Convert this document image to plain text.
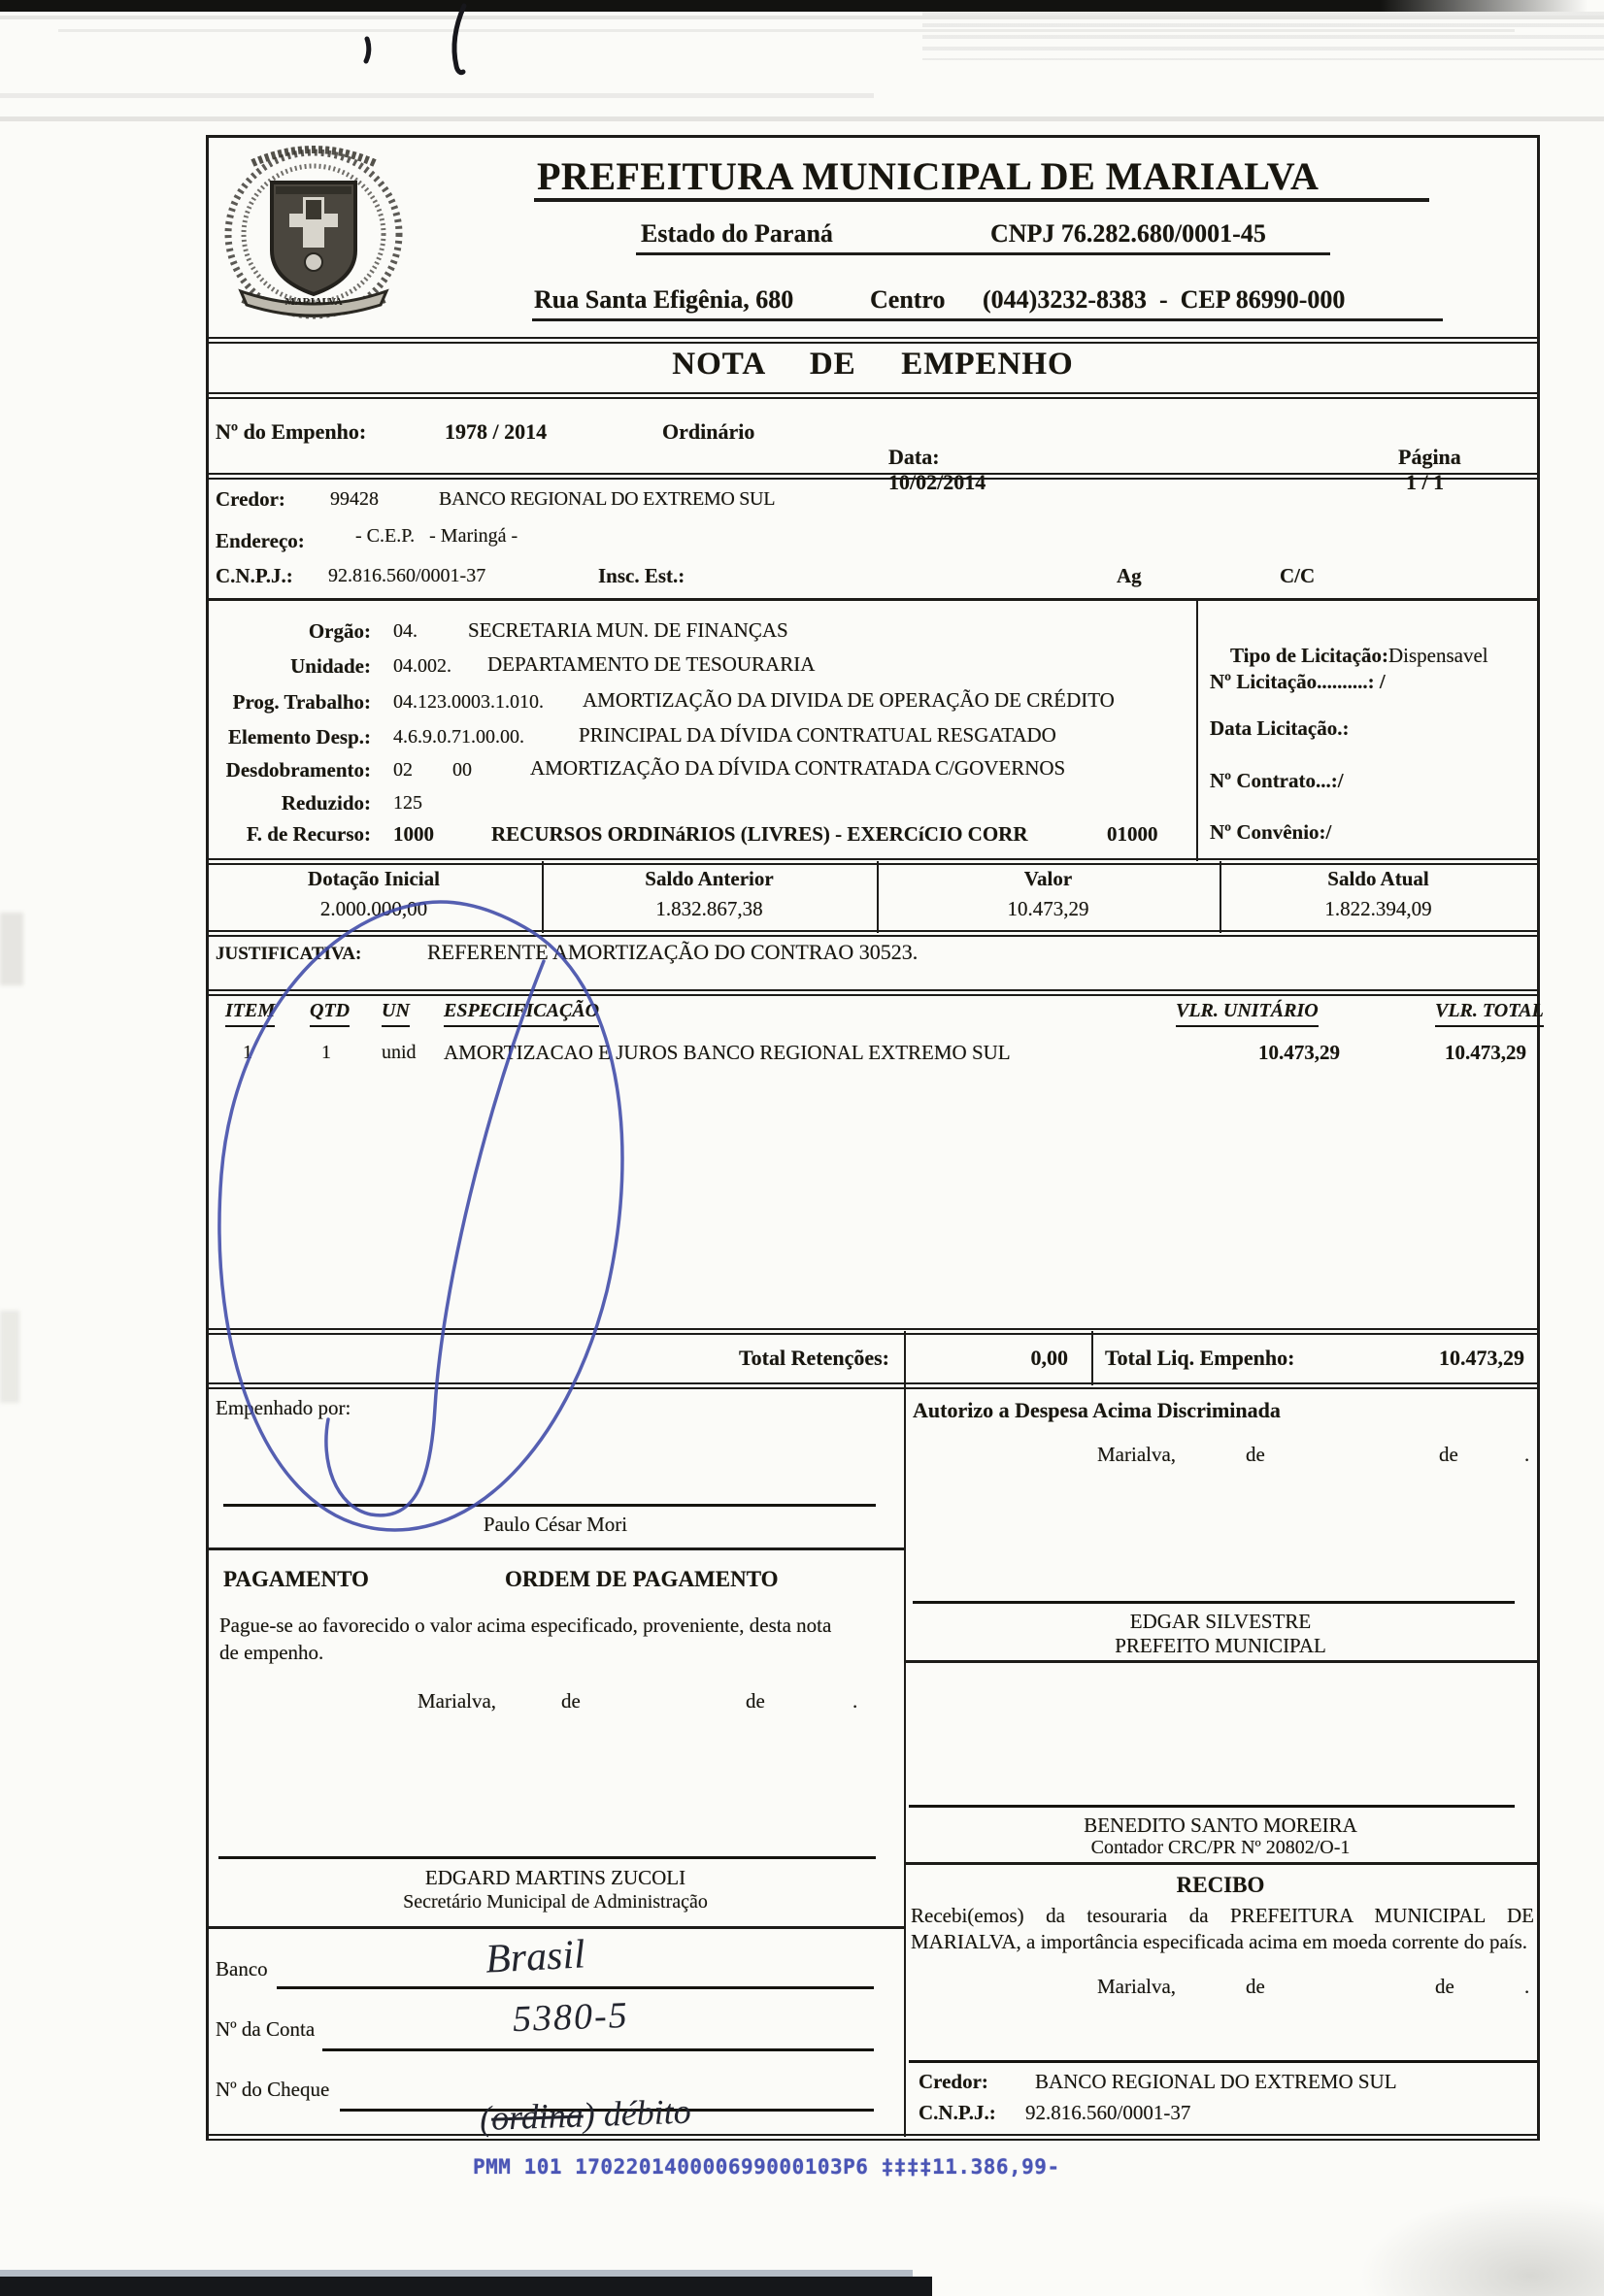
MARIALVA
PREFEITURA MUNICIPAL DE MARIALVA
Estado do Paraná	CNPJ 76.282.680/0001-45
Rua Santa Efigênia, 680	Centro (044)3232-8383  -  CEP 86990-000
NOTA  DE  EMPENHO
Nº do Empenho:	1978 / 2014	Ordinário

Data:
10/02/2014

Página
1 / 1

Credor: 99428	BANCO REGIONAL DO EXTREMO SUL
Endereço:	- C.E.P.   - Maringá -
C.N.P.J.: 92.816.560/0001-37	Insc. Est.:	Ag	C/C
Orgão: 04. SECRETARIA MUN. DE FINANÇAS
Unidade: 04.002. DEPARTAMENTO DE TESOURARIA
Prog. Trabalho: 04.123.0003.1.010. AMORTIZAÇÃO DA DIVIDA DE OPERAÇÃO DE CRÉDITO
Elemento Desp.: 4.6.9.0.71.00.00.	PRINCIPAL DA DÍVIDA CONTRATUAL RESGATADO
Desdobramento: 02 00	AMORTIZAÇÃO DA DÍVIDA CONTRATADA C/GOVERNOS
Reduzido: 125
F. de Recurso: 1000	RECURSOS ORDINáRIOS (LIVRES) - EXERCíCIO CORR	01000

Tipo de Licitação:Dispensavel

Nº Licitação..........: /
Data Licitação.:
Nº Contrato...:/
Nº Convênio:/
Dotação Inicial	Saldo Anterior	Valor	Saldo Atual
2.000.000,00	1.832.867,38	10.473,29	1.822.394,09
JUSTIFICATIVA:	REFERENTE AMORTIZAÇÃO DO CONTRAO 30523.
ITEM QTD UN ESPECIFICAÇÃO	VLR. UNITÁRIO	VLR. TOTAL
1	1	unid AMORTIZACAO E JUROS BANCO REGIONAL EXTREMO SUL	10.473,29	10.473,29
Total Retenções:	0,00 Total Liq. Empenho:	10.473,29
Empenhado por:
Paulo César Mori
PAGAMENTO	ORDEM DE PAGAMENTO
Pague-se ao favorecido o valor acima especificado, proveniente, desta nota de empenho.
Marialva,	de	de	.
EDGARD MARTINS ZUCOLI
Secretário Municipal de Administração
Banco	Brasil
Nº da Conta	5380-5
Nº do Cheque

(ordina) débito

Autorizo a Despesa Acima Discriminada
Marialva,	de	de	.
EDGAR SILVESTRE
PREFEITO MUNICIPAL
BENEDITO SANTO MOREIRA
Contador CRC/PR Nº 20802/O-1
RECIBO
Recebi(emos) da tesouraria da PREFEITURA MUNICIPAL DE MARIALVA, a importância especificada acima em moeda corrente do país.
Marialva,	de	de	.
Credor: BANCO REGIONAL DO EXTREMO SUL
C.N.P.J.: 92.816.560/0001-37
PMM 101 170220140000699000103P6 ‡‡‡‡11.386,99-
